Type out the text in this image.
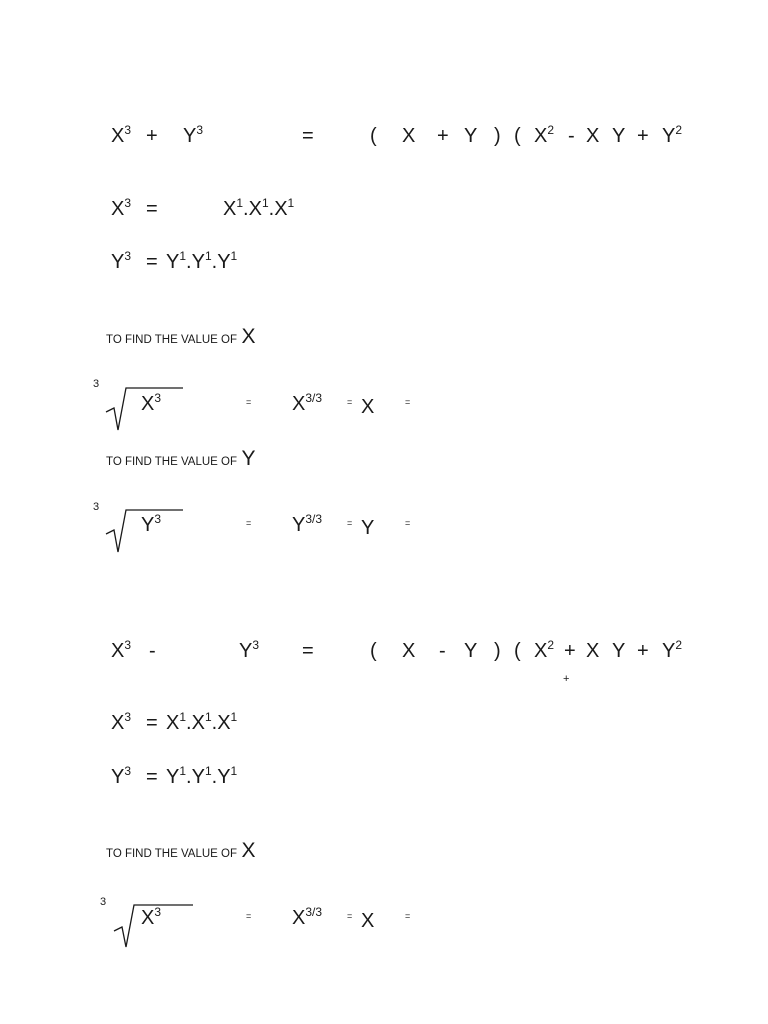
$X^3 + Y^3$	=	( X + Y ) ( $X^2$ - X $Y + Y^2$
$X^3$ =	$X^1.X^1.X^1$
$Y^3 = Y^1.Y^1.Y^1$
TO FIND THE VALUE OF X
3
$X^3$	= $X^{3/3}$	= X	=
TO FIND THE VALUE OF Y
3
$Y^3$	= $Y^{3/3}$	= Y	=
$X^3$ -	$Y^3$ =	( X - Y ) ( $X^2 + X$ $Y + Y^2$
+
$X^3 = X^1.X^1.X^1$
$Y^3 = Y^1.Y^1.Y^1$
TO FIND THE VALUE OF X
3
$X^3$	= $X^{3/3}$	= X	=
